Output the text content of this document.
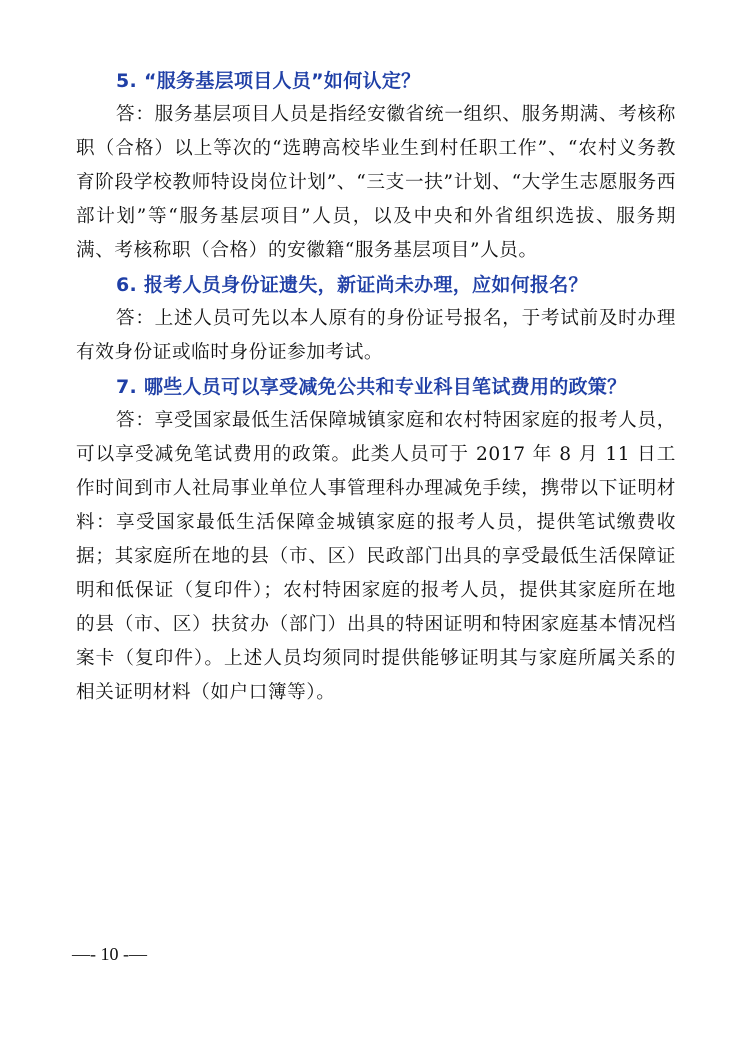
5. “服务基层项目人员”如何认定？

答：服务基层项目人员是指经安徽省统一组织、服务期满、考核称职（合格）以上等次的“选聘高校毕业生到村任职工作”、“农村义务教育阶段学校教师特设岗位计划”、“三支一扶”计划、“大学生志愿服务西部计划”等“服务基层项目”人员，以及中央和外省组织选拔、服务期满、考核称职（合格）的安徽籍“服务基层项目”人员。

6. 报考人员身份证遗失，新证尚未办理，应如何报名？

答：上述人员可先以本人原有的身份证号报名，于考试前及时办理有效身份证或临时身份证参加考试。

7. 哪些人员可以享受减免公共和专业科目笔试费用的政策？

答：享受国家最低生活保障城镇家庭和农村特困家庭的报考人员，可以享受减免笔试费用的政策。此类人员可于 2017 年 8 月 11 日工作时间到市人社局事业单位人事管理科办理减免手续，携带以下证明材料：享受国家最低生活保障金城镇家庭的报考人员，提供笔试缴费收据；其家庭所在地的县（市、区）民政部门出具的享受最低生活保障证明和低保证（复印件）；农村特困家庭的报考人员，提供其家庭所在地的县（市、区）扶贫办（部门）出具的特困证明和特困家庭基本情况档案卡（复印件）。上述人员均须同时提供能够证明其与家庭所属关系的相关证明材料（如户口簿等）。

—- 10 -—
